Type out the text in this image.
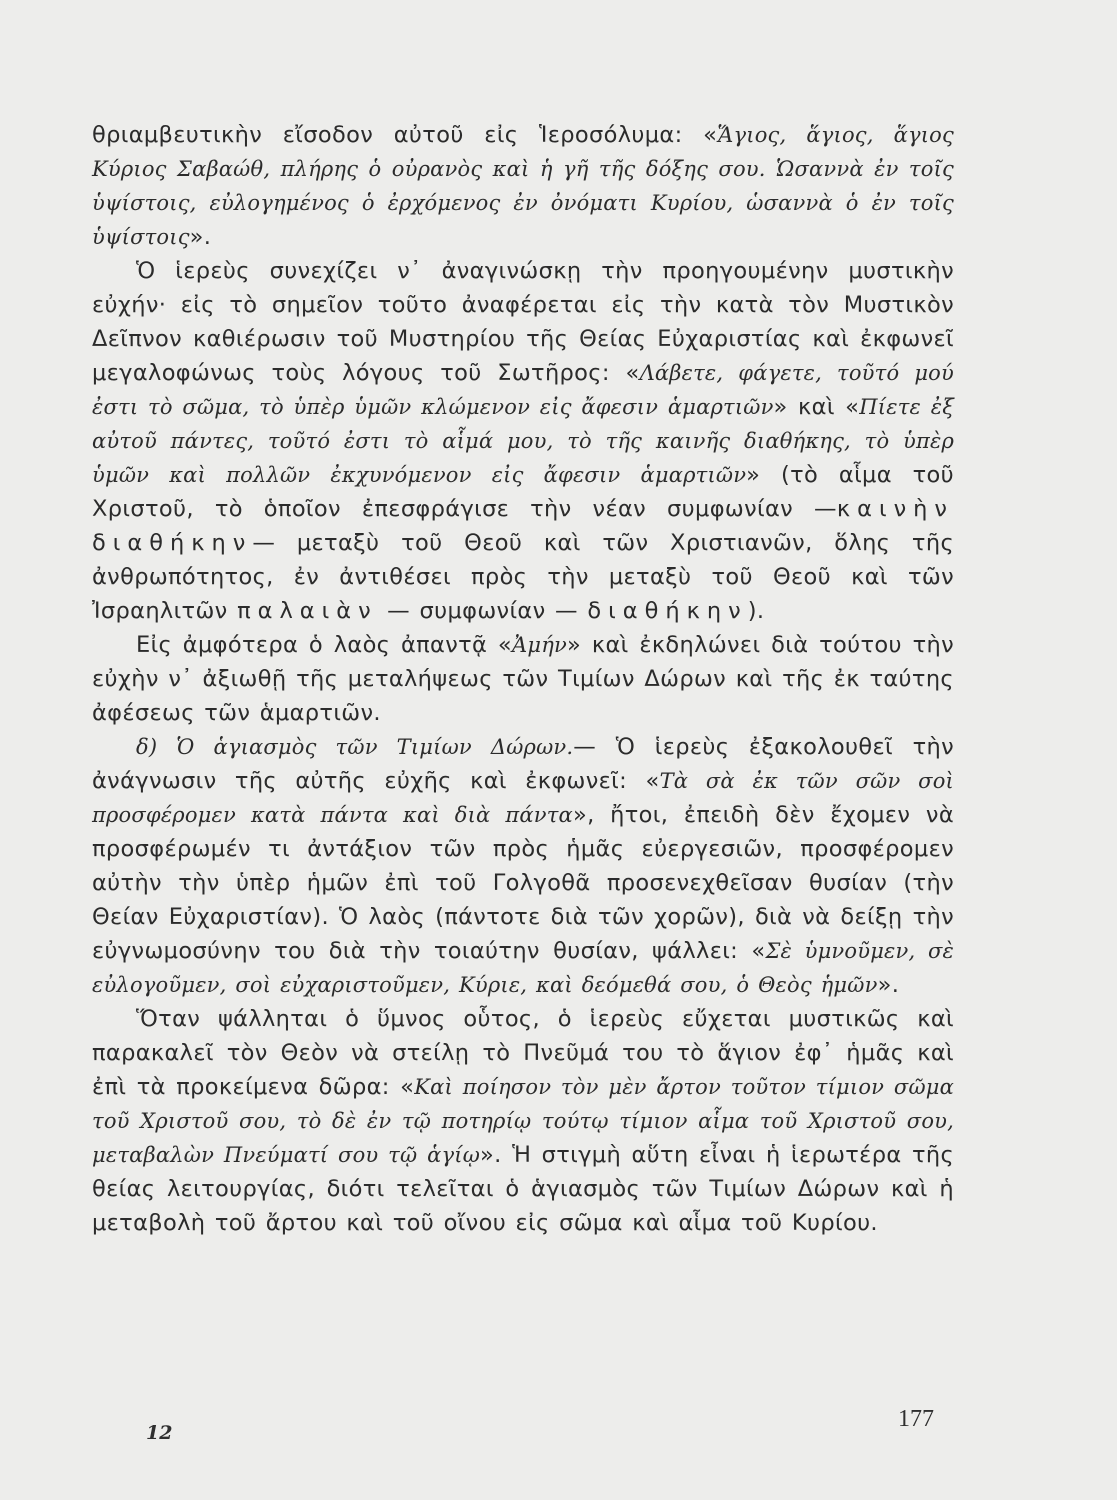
θριαμβευτικὴν εἴσοδον αὐτοῦ εἰς Ἱεροσόλυμα: «Ἅγιος, ἅγιος, ἅγιος Κύριος Σαβαώθ, πλήρης ὁ οὐρανὸς καὶ ἡ γῆ τῆς δόξης σου. Ὡσαννὰ ἐν τοῖς ὑψίστοις, εὐλογημένος ὁ ἐρχόμενος ἐν ὀνόματι Κυρίου, ὡσαννὰ ὁ ἐν τοῖς ὑψίστοις».

Ὁ ἱερεὺς συνεχίζει ν᾽ ἀναγινώσκῃ τὴν προηγουμένην μυστικὴν εὐχήν· εἰς τὸ σημεῖον τοῦτο ἀναφέρεται εἰς τὴν κατὰ τὸν Μυστικὸν Δεῖπνον καθιέρωσιν τοῦ Μυστηρίου τῆς Θείας Εὐχαριστίας καὶ ἐκφωνεῖ μεγαλοφώνως τοὺς λόγους τοῦ Σωτῆρος: «Λάβετε, φάγετε, τοῦτό μού ἐστι τὸ σῶμα, τὸ ὑπὲρ ὑμῶν κλώμενον εἰς ἄφεσιν ἁμαρτιῶν» καὶ «Πίετε ἐξ αὐτοῦ πάντες, τοῦτό ἐστι τὸ αἷμά μου, τὸ τῆς καινῆς διαθήκης, τὸ ὑπὲρ ὑμῶν καὶ πολλῶν ἐκχυνόμενον εἰς ἄφεσιν ἁμαρτιῶν» (τὸ αἷμα τοῦ Χριστοῦ, τὸ ὁποῖον ἐπεσφράγισε τὴν νέαν συμφωνίαν —καινὴν διαθήκην— μεταξὺ τοῦ Θεοῦ καὶ τῶν Χριστιανῶν, ὅλης τῆς ἀνθρωπότητος, ἐν ἀντιθέσει πρὸς τὴν μεταξὺ τοῦ Θεοῦ καὶ τῶν Ἰσραηλιτῶν παλαιὰν — συμφωνίαν — διαθήκην).

Εἰς ἀμφότερα ὁ λαὸς ἀπαντᾷ «Ἀμήν» καὶ ἐκδηλώνει διὰ τούτου τὴν εὐχὴν ν᾽ ἀξιωθῇ τῆς μεταλήψεως τῶν Τιμίων Δώρων καὶ τῆς ἐκ ταύτης ἀφέσεως τῶν ἁμαρτιῶν.

δ) Ὁ ἁγιασμὸς τῶν Τιμίων Δώρων.— Ὁ ἱερεὺς ἐξακολουθεῖ τὴν ἀνάγνωσιν τῆς αὐτῆς εὐχῆς καὶ ἐκφωνεῖ: «Τὰ σὰ ἐκ τῶν σῶν σοὶ προσφέρομεν κατὰ πάντα καὶ διὰ πάντα», ἤτοι, ἐπειδὴ δὲν ἔχομεν νὰ προσφέρωμέν τι ἀντάξιον τῶν πρὸς ἡμᾶς εὐεργεσιῶν, προσφέρομεν αὐτὴν τὴν ὑπὲρ ἡμῶν ἐπὶ τοῦ Γολγοθᾶ προσενεχθεῖσαν θυσίαν (τὴν Θείαν Εὐχαριστίαν). Ὁ λαὸς (πάντοτε διὰ τῶν χορῶν), διὰ νὰ δείξῃ τὴν εὐγνωμοσύνην του διὰ τὴν τοιαύτην θυσίαν, ψάλλει: «Σὲ ὑμνοῦμεν, σὲ εὐλογοῦμεν, σοὶ εὐχαριστοῦμεν, Κύριε, καὶ δεόμεθά σου, ὁ Θεὸς ἡμῶν».

Ὅταν ψάλληται ὁ ὕμνος οὗτος, ὁ ἱερεὺς εὔχεται μυστικῶς καὶ παρακαλεῖ τὸν Θεὸν νὰ στείλῃ τὸ Πνεῦμά του τὸ ἅγιον ἐφ᾽ ἡμᾶς καὶ ἐπὶ τὰ προκείμενα δῶρα: «Καὶ ποίησον τὸν μὲν ἄρτον τοῦτον τίμιον σῶμα τοῦ Χριστοῦ σου, τὸ δὲ ἐν τῷ ποτηρίῳ τούτῳ τίμιον αἷμα τοῦ Χριστοῦ σου, μεταβαλὼν Πνεύματί σου τῷ ἁγίῳ». Ἡ στιγμὴ αὕτη εἶναι ἡ ἱερωτέρα τῆς θείας λειτουργίας, διότι τελεῖται ὁ ἁγιασμὸς τῶν Τιμίων Δώρων καὶ ἡ μεταβολὴ τοῦ ἄρτου καὶ τοῦ οἴνου εἰς σῶμα καὶ αἷμα τοῦ Κυρίου.

12
177
